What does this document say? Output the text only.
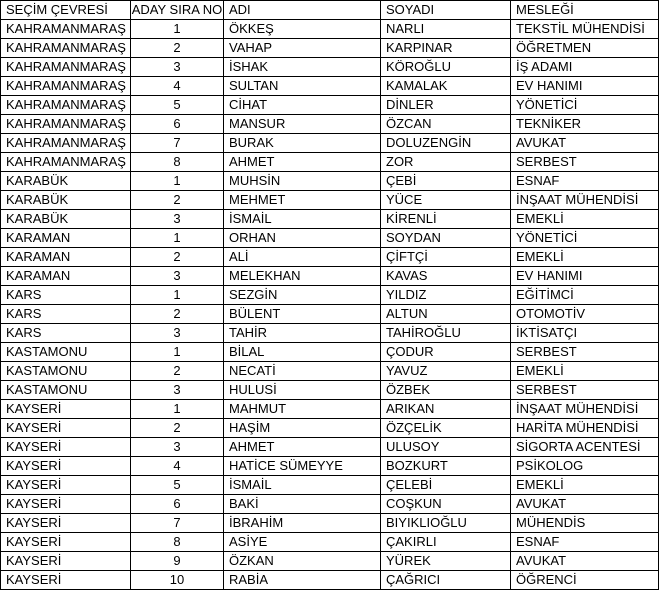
SEÇİM ÇEVRESİ	ADAY SIRA NO	ADI	SOYADI	MESLEĞİ
KAHRAMANMARAŞ	1	ÖKKEŞ	NARLI	TEKSTİL MÜHENDİSİ
KAHRAMANMARAŞ	2	VAHAP	KARPINAR	ÖĞRETMEN
KAHRAMANMARAŞ	3	İSHAK	KÖROĞLU	İŞ ADAMI
KAHRAMANMARAŞ	4	SULTAN	KAMALAK	EV HANIMI
KAHRAMANMARAŞ	5	CİHAT	DİNLER	YÖNETİCİ
KAHRAMANMARAŞ	6	MANSUR	ÖZCAN	TEKNİKER
KAHRAMANMARAŞ	7	BURAK	DOLUZENGİN	AVUKAT
KAHRAMANMARAŞ	8	AHMET	ZOR	SERBEST
KARABÜK	1	MUHSİN	ÇEBİ	ESNAF
KARABÜK	2	MEHMET	YÜCE	İNŞAAT MÜHENDİSİ
KARABÜK	3	İSMAİL	KİRENLİ	EMEKLİ
KARAMAN	1	ORHAN	SOYDAN	YÖNETİCİ
KARAMAN	2	ALİ	ÇİFTÇİ	EMEKLİ
KARAMAN	3	MELEKHAN	KAVAS	EV HANIMI
KARS	1	SEZGİN	YILDIZ	EĞİTİMCİ
KARS	2	BÜLENT	ALTUN	OTOMOTİV
KARS	3	TAHİR	TAHİROĞLU	İKTİSATÇI
KASTAMONU	1	BİLAL	ÇODUR	SERBEST
KASTAMONU	2	NECATİ	YAVUZ	EMEKLİ
KASTAMONU	3	HULUSİ	ÖZBEK	SERBEST
KAYSERİ	1	MAHMUT	ARIKAN	İNŞAAT MÜHENDİSİ
KAYSERİ	2	HAŞİM	ÖZÇELİK	HARİTA MÜHENDİSİ
KAYSERİ	3	AHMET	ULUSOY	SİGORTA ACENTESİ
KAYSERİ	4	HATİCE SÜMEYYE	BOZKURT	PSİKOLOG
KAYSERİ	5	İSMAİL	ÇELEBİ	EMEKLİ
KAYSERİ	6	BAKİ	COŞKUN	AVUKAT
KAYSERİ	7	İBRAHİM	BIYIKLIOĞLU	MÜHENDİS
KAYSERİ	8	ASİYE	ÇAKIRLI	ESNAF
KAYSERİ	9	ÖZKAN	YÜREK	AVUKAT
KAYSERİ	10	RABİA	ÇAĞRICI	ÖĞRENCİ
